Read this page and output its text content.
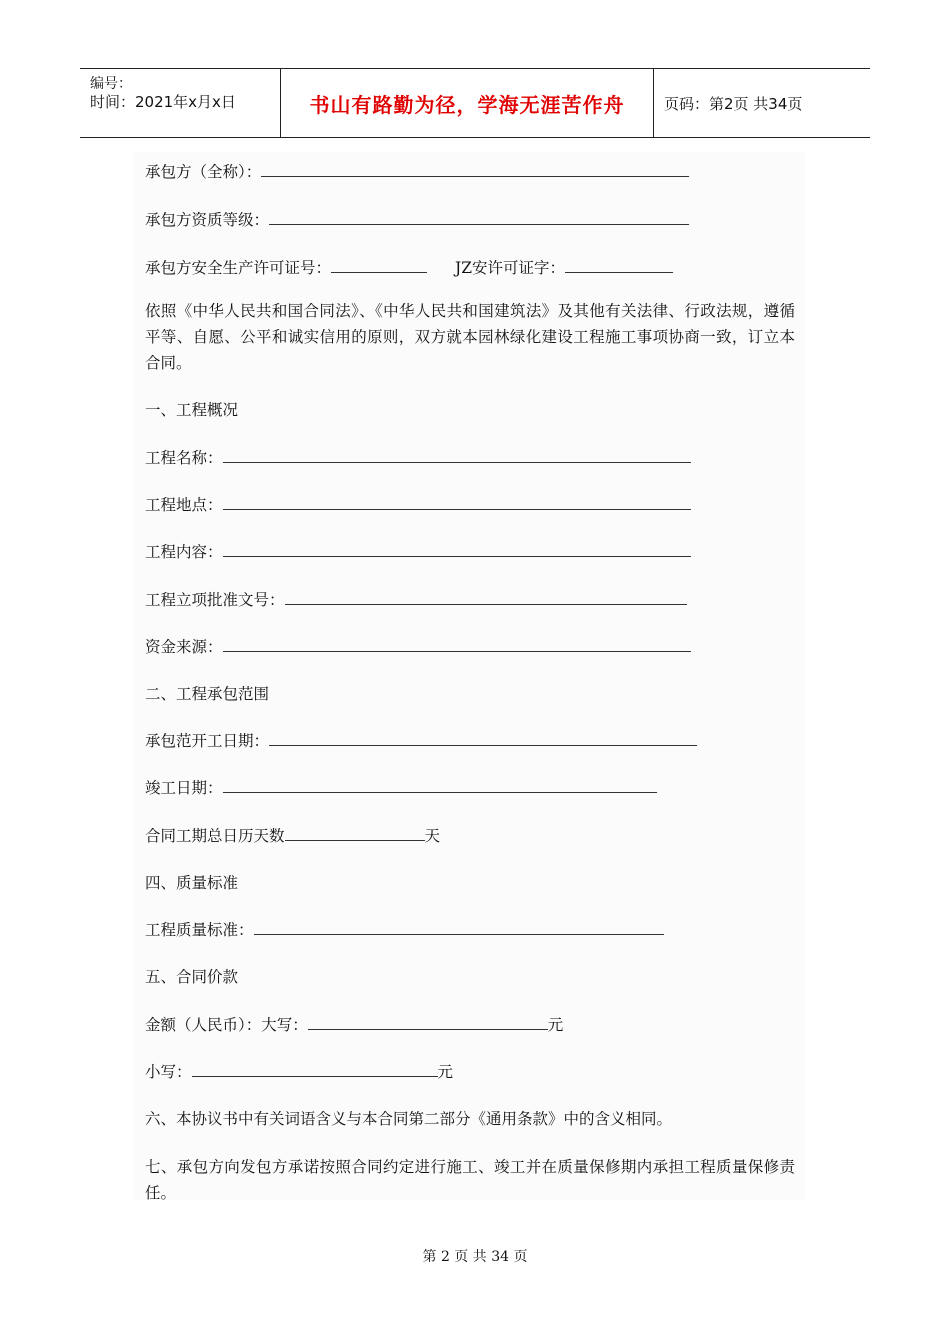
编号：
时间：2021年x月x日	书山有路勤为径，学海无涯苦作舟	页码：第2页 共34页
承包方（全称）：
承包方资质等级：
承包方安全生产许可证号：	JZ安许可证字：
依照《中华人民共和国合同法》、《中华人民共和国建筑法》及其他有关法律、行政法规，遵循平等、自愿、公平和诚实信用的原则，双方就本园林绿化建设工程施工事项协商一致，订立本合同。
一、工程概况
工程名称：
工程地点：
工程内容：
工程立项批准文号：
资金来源：
二、工程承包范围
承包范开工日期：
竣工日期：
合同工期总日历天数	天
四、质量标准
工程质量标准：
五、合同价款
金额（人民币）：大写：	元
小写：	元
六、本协议书中有关词语含义与本合同第二部分《通用条款》中的含义相同。
七、承包方向发包方承诺按照合同约定进行施工、竣工并在质量保修期内承担工程质量保修责任。
第 2 页 共 34 页
